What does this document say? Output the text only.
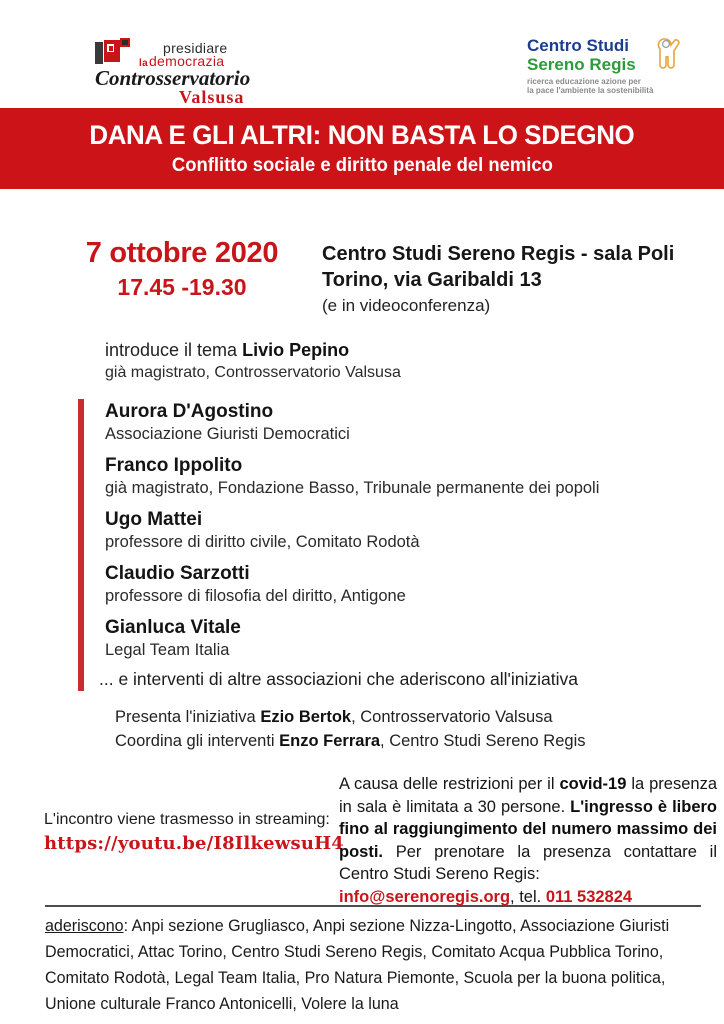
presidiare
lademocrazia
Controsservatorio
Valsusa
Centro Studi
Sereno Regis
ricerca educazione azione per
la pace l'ambiente la sostenibilità
DANA E GLI ALTRI: NON BASTA LO SDEGNO
Conflitto sociale e diritto penale del nemico
7 ottobre 2020
17.45 -19.30
Centro Studi Sereno Regis - sala Poli
Torino, via Garibaldi 13
(e in videoconferenza)
introduce il tema Livio Pepino
già magistrato, Controsservatorio Valsusa
Aurora D'Agostino
Associazione Giuristi Democratici
Franco Ippolito
già magistrato, Fondazione Basso, Tribunale permanente dei popoli
Ugo Mattei
professore di diritto civile, Comitato Rodotà
Claudio Sarzotti
professore di filosofia del diritto, Antigone
Gianluca Vitale
Legal Team Italia
... e interventi di altre associazioni che aderiscono all'iniziativa
Presenta l'iniziativa Ezio Bertok, Controsservatorio Valsusa
Coordina gli interventi Enzo Ferrara, Centro Studi Sereno Regis
L'incontro viene trasmesso in streaming:
https://youtu.be/I8IlkewsuH4
A causa delle restrizioni per il covid-19 la presenza in sala è limitata a 30 persone. L'ingresso è libero fino al raggiungimento del numero massimo dei posti. Per prenotare la presenza contattare il Centro Studi Sereno Regis:
info@serenoregis.org, tel. 011 532824
aderiscono: Anpi sezione Grugliasco, Anpi sezione Nizza-Lingotto, Associazione Giuristi Democratici, Attac Torino, Centro Studi Sereno Regis, Comitato Acqua Pubblica Torino, Comitato Rodotà, Legal Team Italia, Pro Natura Piemonte, Scuola per la buona politica, Unione culturale Franco Antonicelli, Volere la luna
